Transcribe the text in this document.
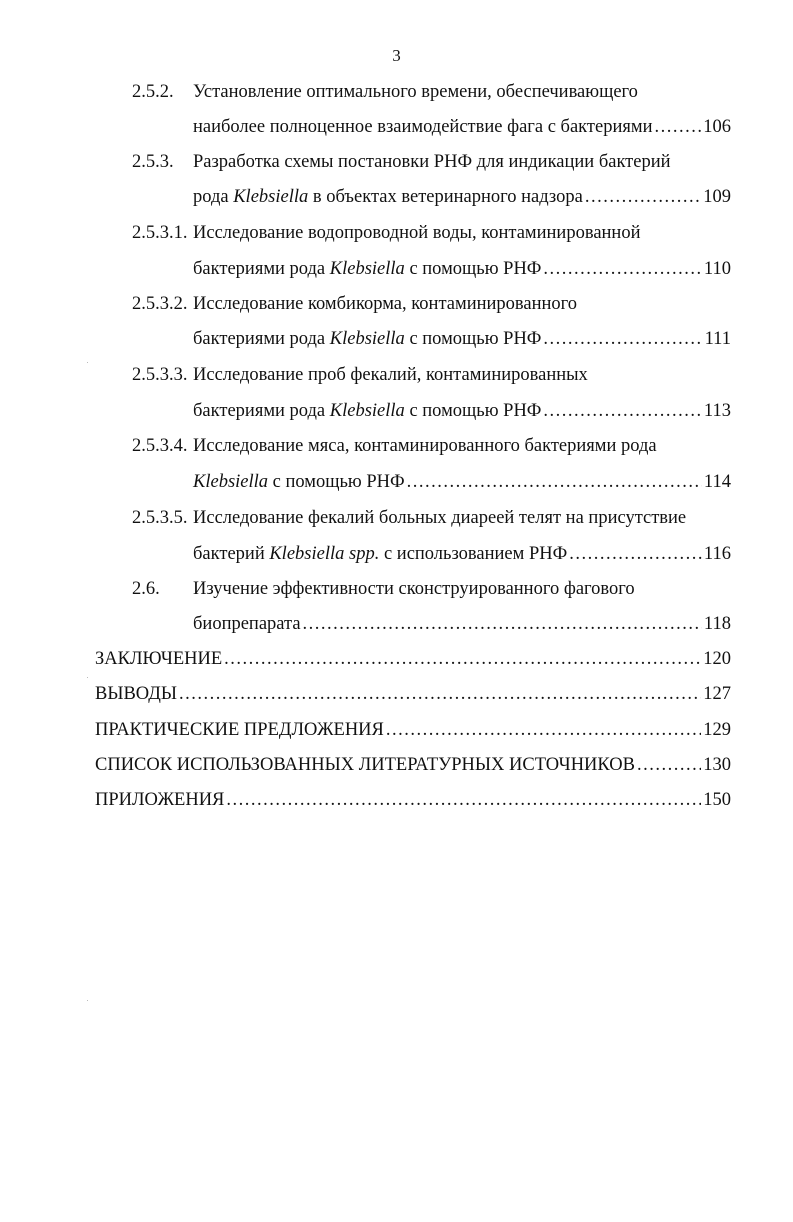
3
2.5.2. Установление оптимального времени, обеспечивающего
наиболее полноценное взаимодействие фага с бактериями .....	106
2.5.3. Разработка схемы постановки РНФ для индикации бактерий
рода Klebsiella в объектах ветеринарного надзора .....	109
2.5.3.1. Исследование водопроводной воды, контаминированной
бактериями рода Klebsiella с помощью РНФ .....	110
2.5.3.2. Исследование комбикорма, контаминированного
бактериями рода Klebsiella с помощью РНФ .....	111
2.5.3.3. Исследование проб фекалий, контаминированных
бактериями рода Klebsiella с помощью РНФ .....	113
2.5.3.4. Исследование мяса, контаминированного бактериями рода
Klebsiella с помощью РНФ .....	114
2.5.3.5. Исследование фекалий больных диареей телят на присутствие
бактерий Klebsiella spp. с использованием РНФ .....	116
2.6. Изучение эффективности сконструированного фагового
биопрепарата .....	118
ЗАКЛЮЧЕНИЕ .....	120
ВЫВОДЫ .....	127
ПРАКТИЧЕСКИЕ ПРЕДЛОЖЕНИЯ .....	129
СПИСОК ИСПОЛЬЗОВАННЫХ ЛИТЕРАТУРНЫХ ИСТОЧНИКОВ .....	130
ПРИЛОЖЕНИЯ .....	150
